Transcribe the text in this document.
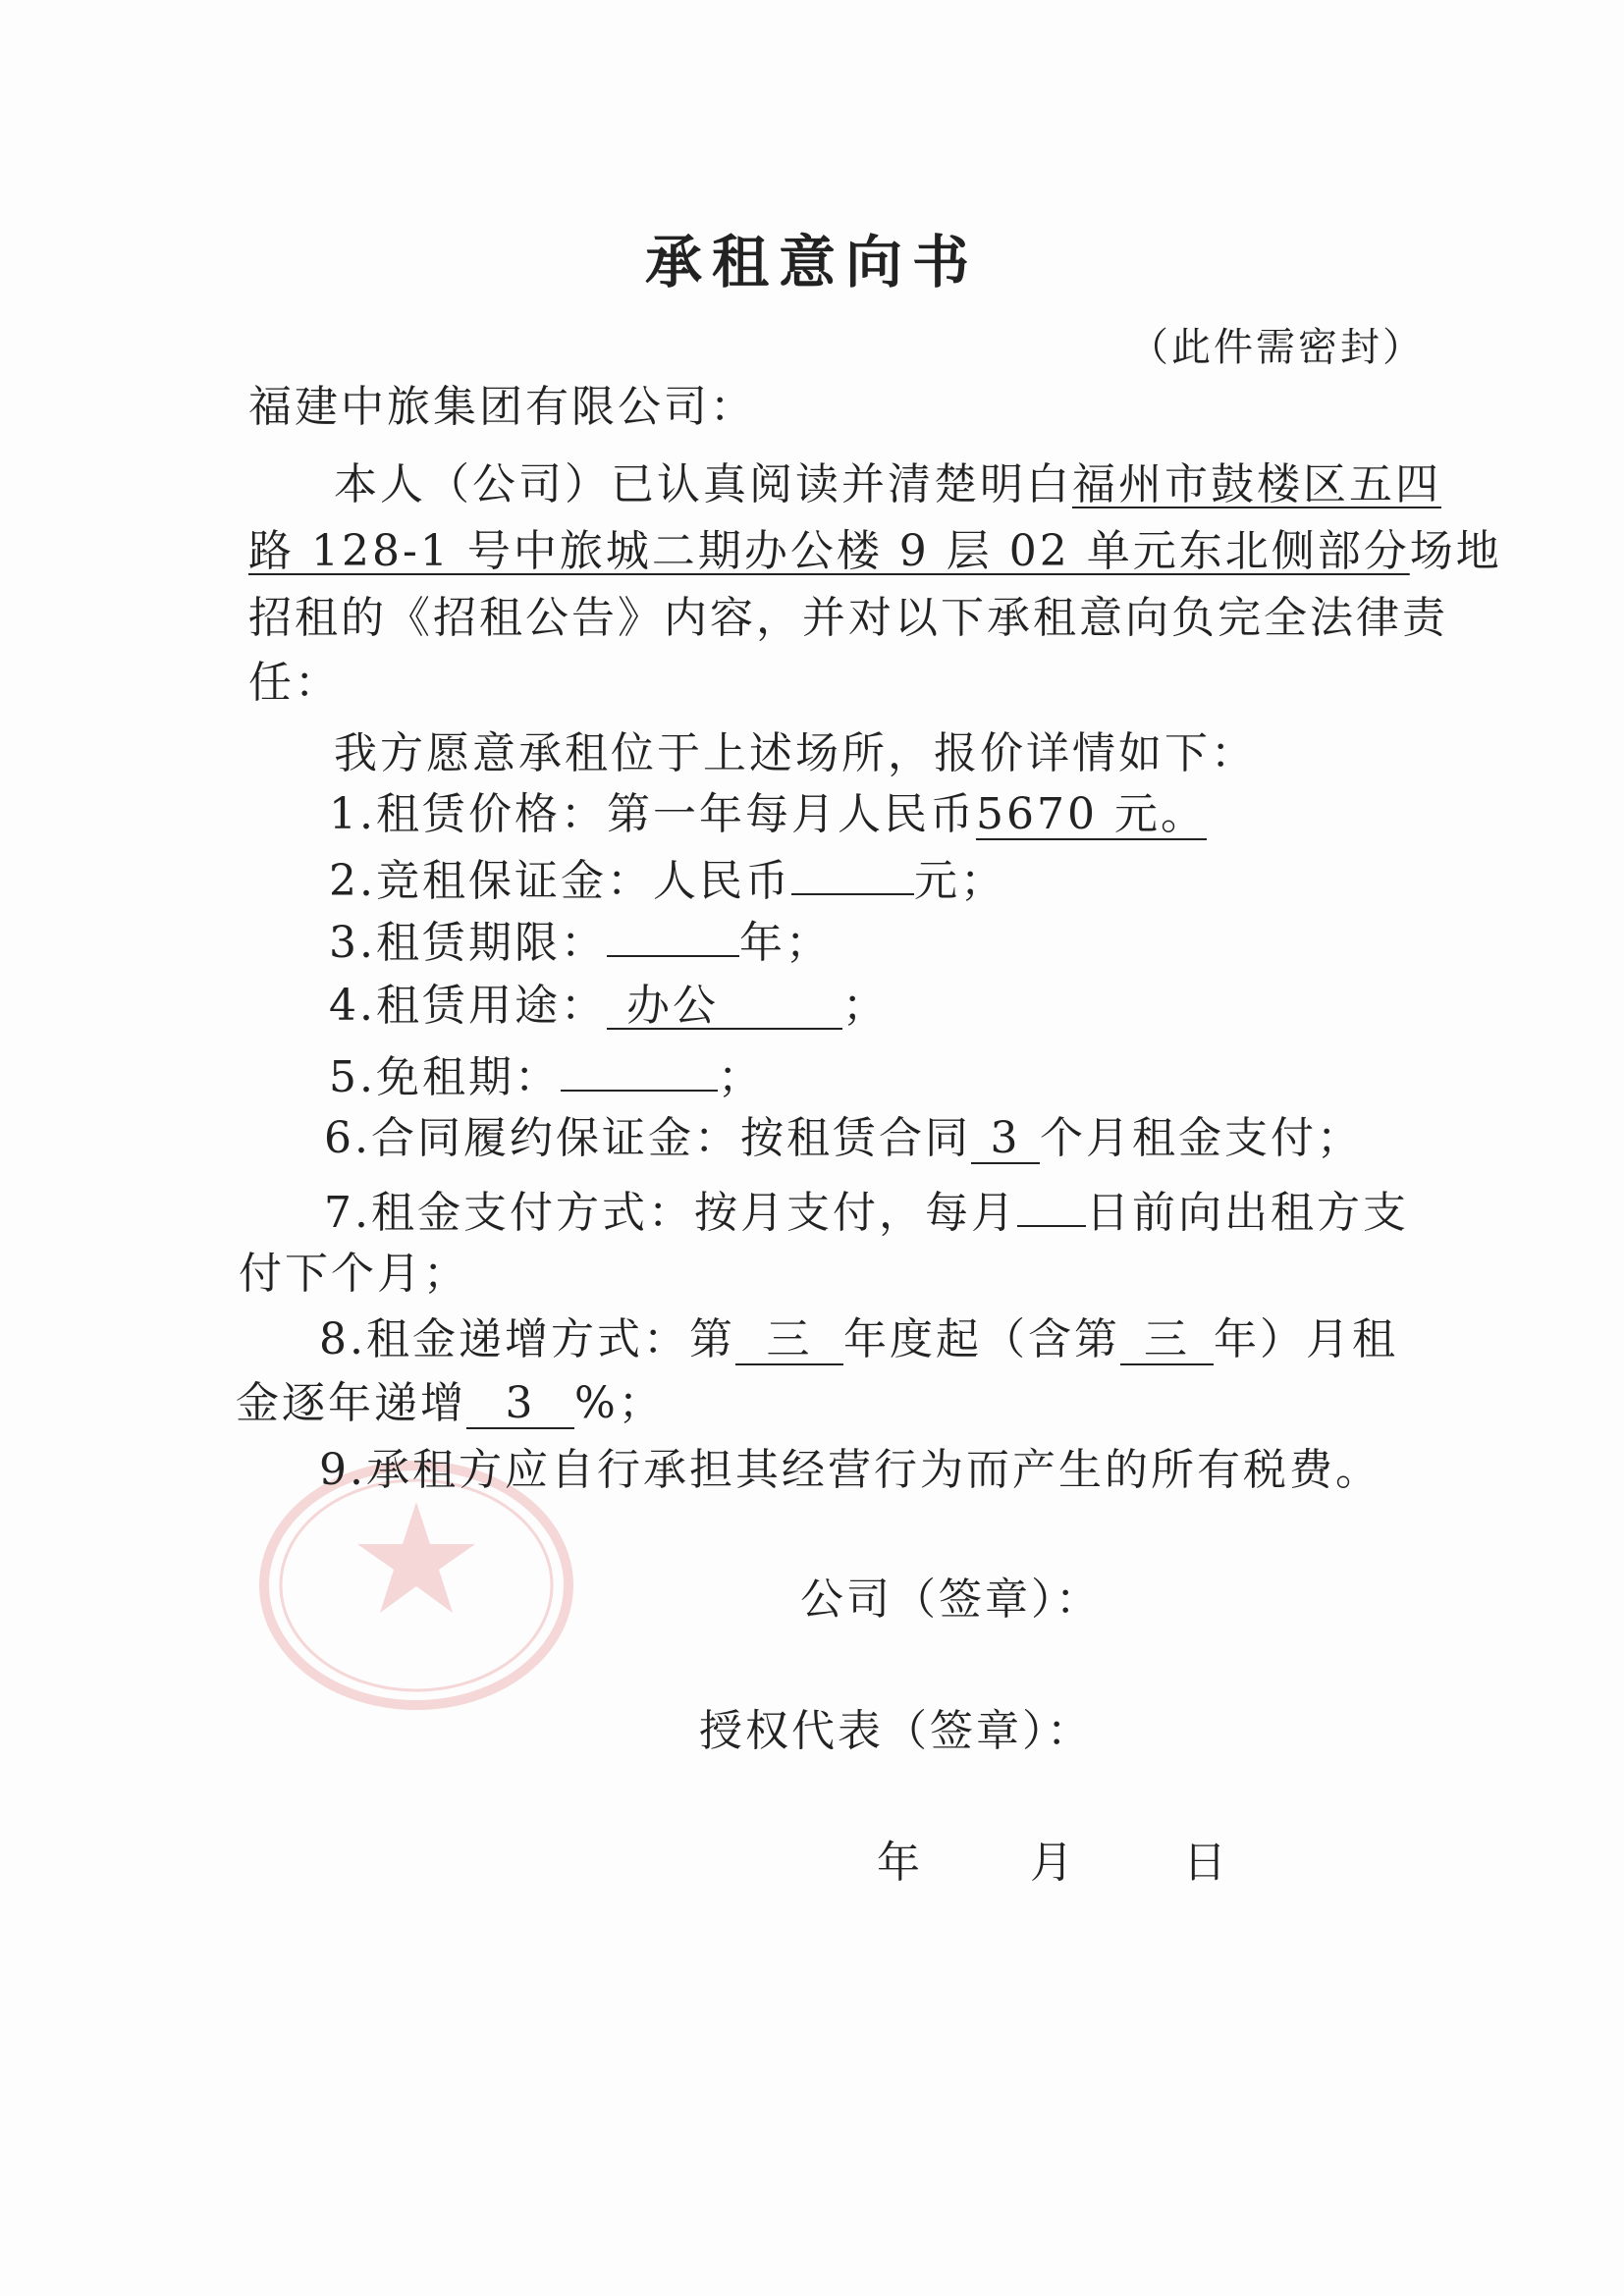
承租意向书
（此件需密封）
福建中旅集团有限公司：
本人（公司）已认真阅读并清楚明白福州市鼓楼区五四
路 128-1 号中旅城二期办公楼 9 层 02 单元东北侧部分场地
招租的《招租公告》内容，并对以下承租意向负完全法律责
任：
我方愿意承租位于上述场所，报价详情如下：
1.租赁价格：第一年每月人民币5670 元。
2.竞租保证金：人民币	元；
3.租赁期限：	年；
4.租赁用途： 办公	；
5.免租期：	；
6.合同履约保证金：按租赁合同 3 个月租金支付；
7.租金支付方式：按月支付，每月 日前向出租方支
付下个月；
8.租金递增方式：第 三 年度起（含第 三 年）月租
金逐年递增 3 %；
9.承租方应自行承担其经营行为而产生的所有税费。
公司（签章）：
授权代表（签章）：
年　　月　　日
